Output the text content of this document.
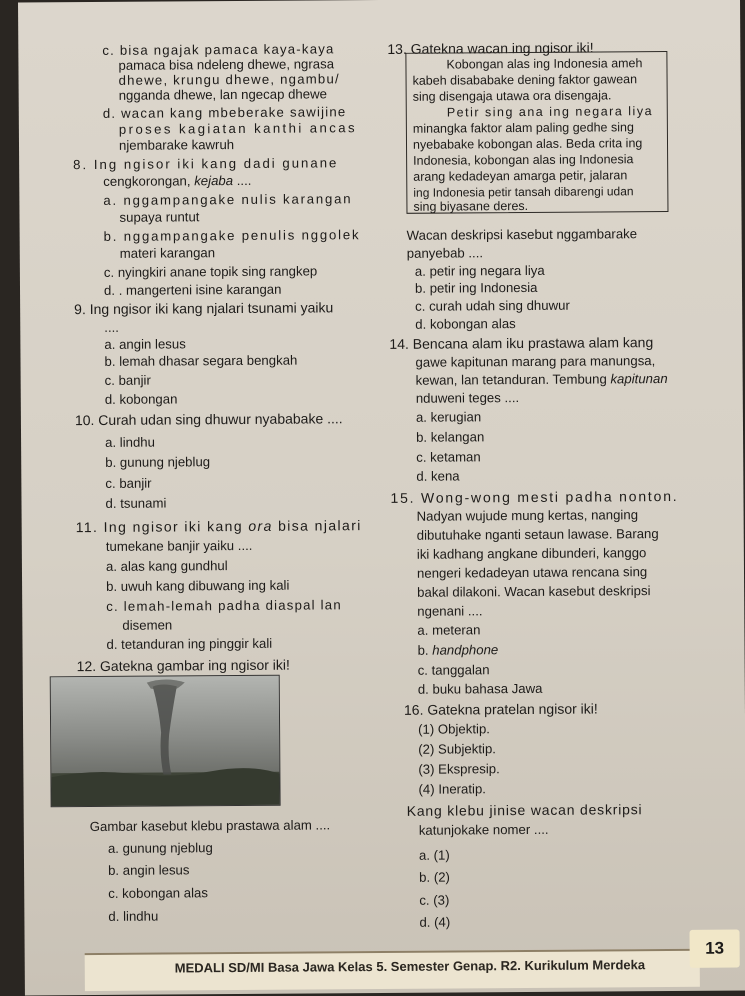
c. bisa ngajak pamaca kaya-kaya
pamaca bisa ndeleng dhewe, ngrasa
dhewe, krungu dhewe, ngambu/
ngganda dhewe, lan ngecap dhewe
d. wacan kang mbeberake sawijine
proses kagiatan kanthi ancas
njembarake kawruh
8. Ing ngisor iki kang dadi gunane
cengkorongan, kejaba ....
a. nggampangake nulis karangan
supaya runtut
b. nggampangake penulis nggolek
materi karangan
c. nyingkiri anane topik sing rangkep
d. . mangerteni isine karangan
9. Ing ngisor iki kang njalari tsunami yaiku
....
a. angin lesus
b. lemah dhasar segara bengkah
c. banjir
d. kobongan
10. Curah udan sing dhuwur nyababake ....
a. lindhu
b. gunung njeblug
c. banjir
d. tsunami
11. Ing ngisor iki kang ora bisa njalari
tumekane banjir yaiku ....
a. alas kang gundhul
b. uwuh kang dibuwang ing kali
c. lemah-lemah padha diaspal lan
disemen
d. tetanduran ing pinggir kali
12. Gatekna gambar ing ngisor iki!
Gambar kasebut klebu prastawa alam ....
a. gunung njeblug
b. angin lesus
c. kobongan alas
d. lindhu
13. Gatekna wacan ing ngisor iki!
Kobongan alas ing Indonesia ameh
kabeh disababake dening faktor gawean
sing disengaja utawa ora disengaja.
Petir sing ana ing negara liya
minangka faktor alam paling gedhe sing
nyebabake kobongan alas. Beda crita ing
Indonesia, kobongan alas ing Indonesia
arang kedadeyan amarga petir, jalaran
ing Indonesia petir tansah dibarengi udan
sing biyasane deres.
Wacan deskripsi kasebut nggambarake
panyebab ....
a. petir ing negara liya
b. petir ing Indonesia
c. curah udah sing dhuwur
d. kobongan alas
14. Bencana alam iku prastawa alam kang
gawe kapitunan marang para manungsa,
kewan, lan tetanduran. Tembung kapitunan
nduweni teges ....
a. kerugian
b. kelangan
c. ketaman
d. kena
15. Wong-wong mesti padha nonton.
Nadyan wujude mung kertas, nanging
dibutuhake nganti setaun lawase. Barang
iki kadhang angkane dibunderi, kanggo
nengeri kedadeyan utawa rencana sing
bakal dilakoni. Wacan kasebut deskripsi
ngenani ....
a. meteran
b. handphone
c. tanggalan
d. buku bahasa Jawa
16. Gatekna pratelan ngisor iki!
(1) Objektip.
(2) Subjektip.
(3) Ekspresip.
(4) Ineratip.
Kang klebu jinise wacan deskripsi
katunjokake nomer ....
a. (1)
b. (2)
c. (3)
d. (4)
MEDALI SD/MI Basa Jawa Kelas 5. Semester Genap. R2. Kurikulum Merdeka
13
